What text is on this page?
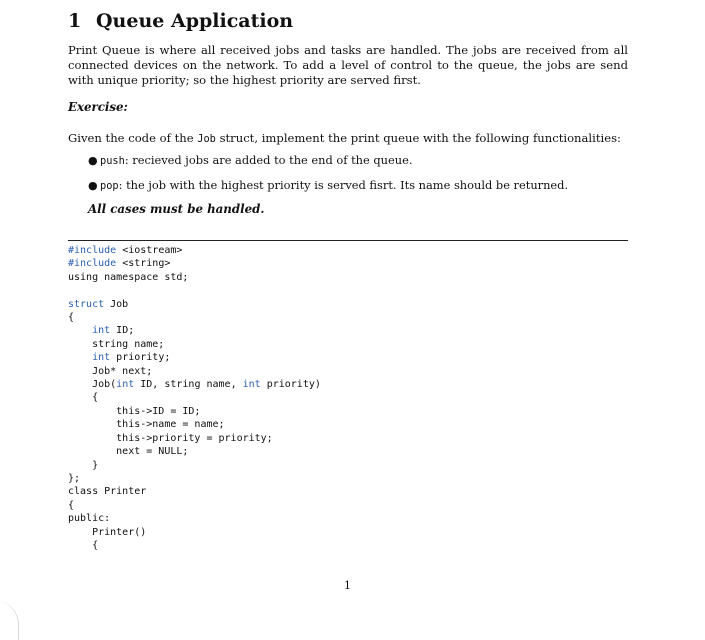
1 Queue Application

Print Queue is where all received jobs and tasks are handled. The jobs are received from all connected devices on the network. To add a level of control to the queue, the jobs are send with unique priority; so the highest priority are served first.

Exercise:

Given the code of the Job struct, implement the print queue with the following functionalities:

● push: recieved jobs are added to the end of the queue.
● pop: the job with the highest priority is served fisrt. Its name should be returned.

All cases must be handled.

#include <iostream>
#include <string>
using namespace std;

struct Job
{
int ID;
string name;
int priority;
Job* next;
Job(int ID, string name, int priority)
{
this->ID = ID;
this->name = name;
this->priority = priority;
next = NULL;
}
};
class Printer
{
public:
Printer()
{

1
